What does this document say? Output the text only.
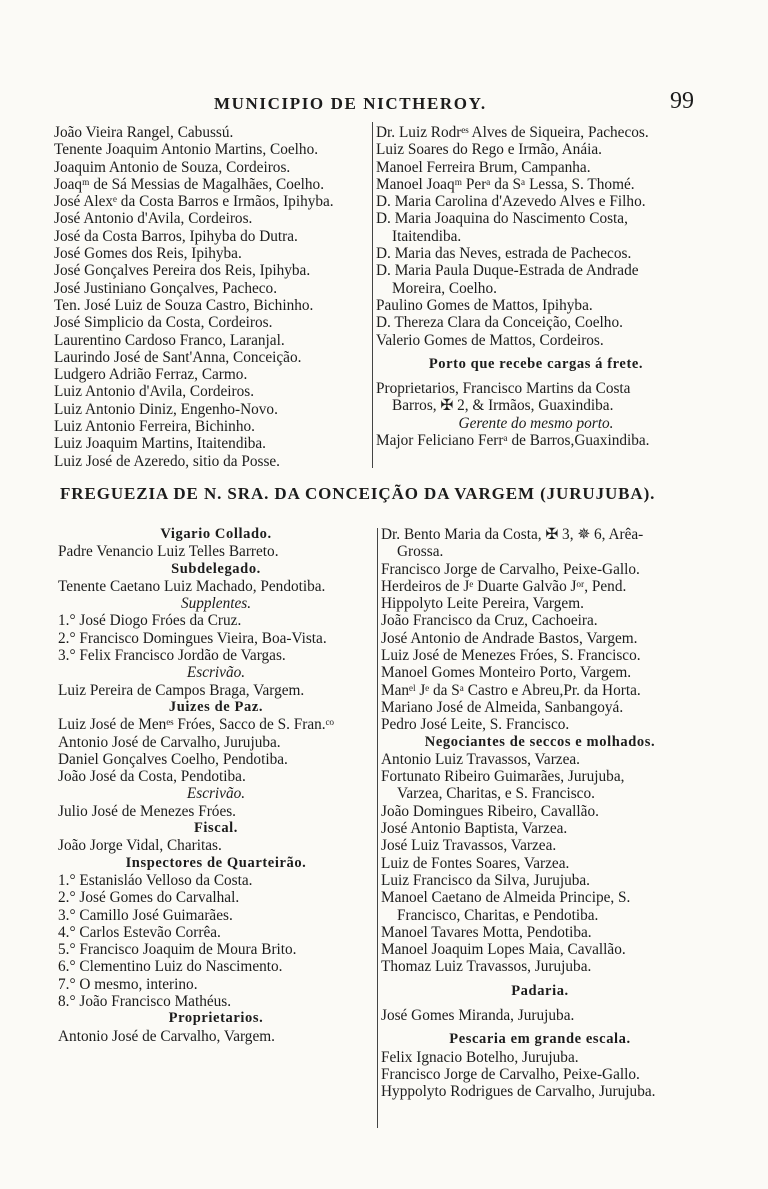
MUNICIPIO DE NICTHEROY.	99
João Vieira Rangel, Cabussú.
Tenente Joaquim Antonio Martins, Coelho.
Joaquim Antonio de Souza, Cordeiros.
Joaqᵐ de Sá Messias de Magalhães, Coelho.
José Alexᵉ da Costa Barros e Irmãos, Ipihyba.
José Antonio d'Avila, Cordeiros.
José da Costa Barros, Ipihyba do Dutra.
José Gomes dos Reis, Ipihyba.
José Gonçalves Pereira dos Reis, Ipihyba.
José Justiniano Gonçalves, Pacheco.
Ten. José Luiz de Souza Castro, Bichinho.
José Simplicio da Costa, Cordeiros.
Laurentino Cardoso Franco, Laranjal.
Laurindo José de Sant'Anna, Conceição.
Ludgero Adrião Ferraz, Carmo.
Luiz Antonio d'Avila, Cordeiros.
Luiz Antonio Diniz, Engenho-Novo.
Luiz Antonio Ferreira, Bichinho.
Luiz Joaquim Martins, Itaitendiba.
Luiz José de Azeredo, sitio da Posse.
Dr. Luiz Rodrᵉˢ Alves de Siqueira, Pachecos.
Luiz Soares do Rego e Irmão, Anáia.
Manoel Ferreira Brum, Campanha.
Manoel Joaqᵐ Perᵃ da Sᵃ Lessa, S. Thomé.
D. Maria Carolina d'Azevedo Alves e Filho.
D. Maria Joaquina do Nascimento Costa,
Itaitendiba.
D. Maria das Neves, estrada de Pachecos.
D. Maria Paula Duque-Estrada de Andrade
Moreira, Coelho.
Paulino Gomes de Mattos, Ipihyba.
D. Thereza Clara da Conceição, Coelho.
Valerio Gomes de Mattos, Cordeiros.
Porto que recebe cargas á frete.
Proprietarios, Francisco Martins da Costa
Barros, ✠ 2, & Irmãos, Guaxindiba.
Gerente do mesmo porto.
Major Feliciano Ferrᵃ de Barros,Guaxindiba.
FREGUEZIA DE N. SRA. DA CONCEIÇÃO DA VARGEM (JURUJUBA).
Vigario Collado.
Padre Venancio Luiz Telles Barreto.
Subdelegado.
Tenente Caetano Luiz Machado, Pendotiba.
Supplentes.
1.° José Diogo Fróes da Cruz.
2.° Francisco Domingues Vieira, Boa-Vista.
3.° Felix Francisco Jordão de Vargas.
Escrivão.
Luiz Pereira de Campos Braga, Vargem.
Juizes de Paz.
Luiz José de Menᵉˢ Fróes, Sacco de S. Fran.ᶜᵒ
Antonio José de Carvalho, Jurujuba.
Daniel Gonçalves Coelho, Pendotiba.
João José da Costa, Pendotiba.
Escrivão.
Julio José de Menezes Fróes.
Fiscal.
João Jorge Vidal, Charitas.
Inspectores de Quarteirão.
1.° Estanisláo Velloso da Costa.
2.° José Gomes do Carvalhal.
3.° Camillo José Guimarães.
4.° Carlos Estevão Corrêa.
5.° Francisco Joaquim de Moura Brito.
6.° Clementino Luiz do Nascimento.
7.° O mesmo, interino.
8.° João Francisco Mathéus.
Proprietarios.
Antonio José de Carvalho, Vargem.
Dr. Bento Maria da Costa, ✠ 3, ✵ 6, Arêa-
Grossa.
Francisco Jorge de Carvalho, Peixe-Gallo.
Herdeiros de Jᵉ Duarte Galvão Jᵒʳ, Pend.
Hippolyto Leite Pereira, Vargem.
João Francisco da Cruz, Cachoeira.
José Antonio de Andrade Bastos, Vargem.
Luiz José de Menezes Fróes, S. Francisco.
Manoel Gomes Monteiro Porto, Vargem.
Manᵉˡ Jᵉ da Sᵃ Castro e Abreu,Pr. da Horta.
Mariano José de Almeida, Sanbangoyá.
Pedro José Leite, S. Francisco.
Negociantes de seccos e molhados.
Antonio Luiz Travassos, Varzea.
Fortunato Ribeiro Guimarães, Jurujuba,
Varzea, Charitas, e S. Francisco.
João Domingues Ribeiro, Cavallão.
José Antonio Baptista, Varzea.
José Luiz Travassos, Varzea.
Luiz de Fontes Soares, Varzea.
Luiz Francisco da Silva, Jurujuba.
Manoel Caetano de Almeida Principe, S.
Francisco, Charitas, e Pendotiba.
Manoel Tavares Motta, Pendotiba.
Manoel Joaquim Lopes Maia, Cavallão.
Thomaz Luiz Travassos, Jurujuba.
Padaria.
José Gomes Miranda, Jurujuba.
Pescaria em grande escala.
Felix Ignacio Botelho, Jurujuba.
Francisco Jorge de Carvalho, Peixe-Gallo.
Hyppolyto Rodrigues de Carvalho, Jurujuba.
